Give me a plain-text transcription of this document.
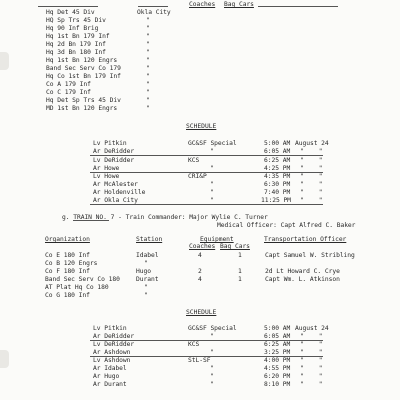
Coaches Bag Cars
Hq Det 45 Div	Okla City
HQ Sp Trs 45 Div	"
Hq 90 Inf Brig	"
Hq 1st Bn 179 Inf	"
Hq 2d Bn 179 Inf	"
Hq 3d Bn 180 Inf	"
Hq 1st Bn 120 Engrs	"
Band Sec Serv Co 179	"
Hq Co 1st Bn 179 Inf	"
Co A 179 Inf	"
Co C 179 Inf	"
Hq Det Sp Trs 45 Div	"
MD 1st Bn 120 Engrs	"
SCHEDULE
Lv Pitkin	GC&SF Special	5:00 AM August 24
Ar DeRidder	"	6:05 AM "    "
Lv DeRidder	KCS	6:25 AM "    "
Ar Howe	"	4:25 PM "    "
Lv Howe	CRI&P	4:35 PM "    "
Ar McAlester	"	6:30 PM "    "
Ar Holdenville	"	7:40 PM "    "
Ar Okla City	"	11:25 PM "    "
g. TRAIN NO. 7 - Train Commander: Major Wylie C. Turner
Medical Officer: Capt Alfred C. Baker
Organization	Station	Equipment	Transportation Officer
Coaches Bag Cars
Co E 180 Inf	Idabel	4	1	Capt Samuel W. Stribling
Co B 120 Engrs	"
Co F 180 Inf	Hugo	2	1	2d Lt Howard C. Crye
Band Sec Serv Co 180	Durant	4	1	Capt Wm. L. Atkinson
AT Plat Hq Co 180	"
Co G 180 Inf	"
SCHEDULE
Lv Pitkin	GC&SF Special	5:00 AM August 24
Ar DeRidder	"	6:05 AM "    "
Lv DeRidder	KCS	6:25 AM "    "
Ar Ashdown	"	3:25 PM "    "
Lv Ashdown	StL-SF	4:00 PM "    "
Ar Idabel	"	4:55 PM "    "
Ar Hugo	"	6:20 PM "    "
Ar Durant	"	8:10 PM "    "
